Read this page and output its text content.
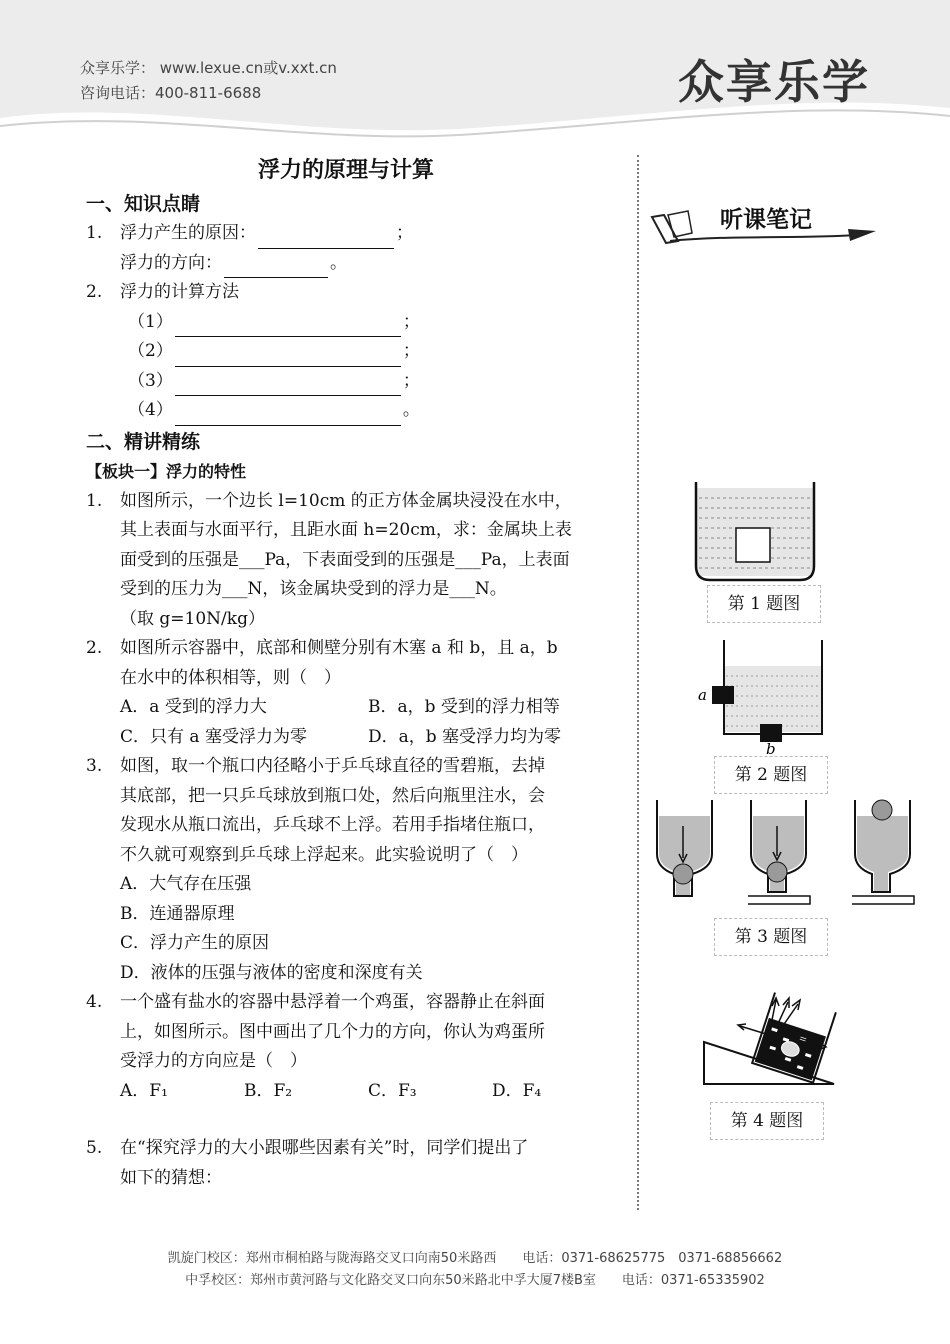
众享乐学： www.lexue.cn或v.xxt.cn
咨询电话：400-811-6688	众享乐学
听课笔记
浮力的原理与计算
一、知识点睛
1.	浮力产生的原因：	；
浮力的方向：	。
2.	浮力的计算方法
（1）	；
（2）	；
（3）	；
（4）	。
二、精讲精练
【板块一】浮力的特性
1.	如图所示，一个边长 l=10cm 的正方体金属块浸没在水中，
其上表面与水面平行，且距水面 h=20cm，求：金属块上表
面受到的压强是___Pa，下表面受到的压强是___Pa，上表面
受到的压力为___N，该金属块受到的浮力是___N。
（取 g=10N/kg）
2.	如图所示容器中，底部和侧壁分别有木塞 a 和 b，且 a，b
在水中的体积相等，则（　）
A．a 受到的浮力大	B．a，b 受到的浮力相等
C．只有 a 塞受浮力为零	D．a，b 塞受浮力均为零
3.	如图，取一个瓶口内径略小于乒乓球直径的雪碧瓶，去掉
其底部，把一只乒乓球放到瓶口处，然后向瓶里注水，会
发现水从瓶口流出，乒乓球不上浮。若用手指堵住瓶口，
不久就可观察到乒乓球上浮起来。此实验说明了（　）
A．大气存在压强
B．连通器原理
C．浮力产生的原因
D．液体的压强与液体的密度和深度有关
4.	一个盛有盐水的容器中悬浮着一个鸡蛋，容器静止在斜面
上，如图所示。图中画出了几个力的方向，你认为鸡蛋所
受浮力的方向应是（　）
A．F₁	B．F₂	C．F₃	D．F₄
5.	在“探究浮力的大小跟哪些因素有关”时，同学们提出了
如下的猜想：
第 1 题图
a
b
第 2 题图
第 3 题图
第 4 题图
凯旋门校区：郑州市桐柏路与陇海路交叉口向南50米路西　　电话：0371-68625775　0371-68856662
中孚校区：郑州市黄河路与文化路交叉口向东50米路北中孚大厦7楼B室　　电话：0371-65335902
